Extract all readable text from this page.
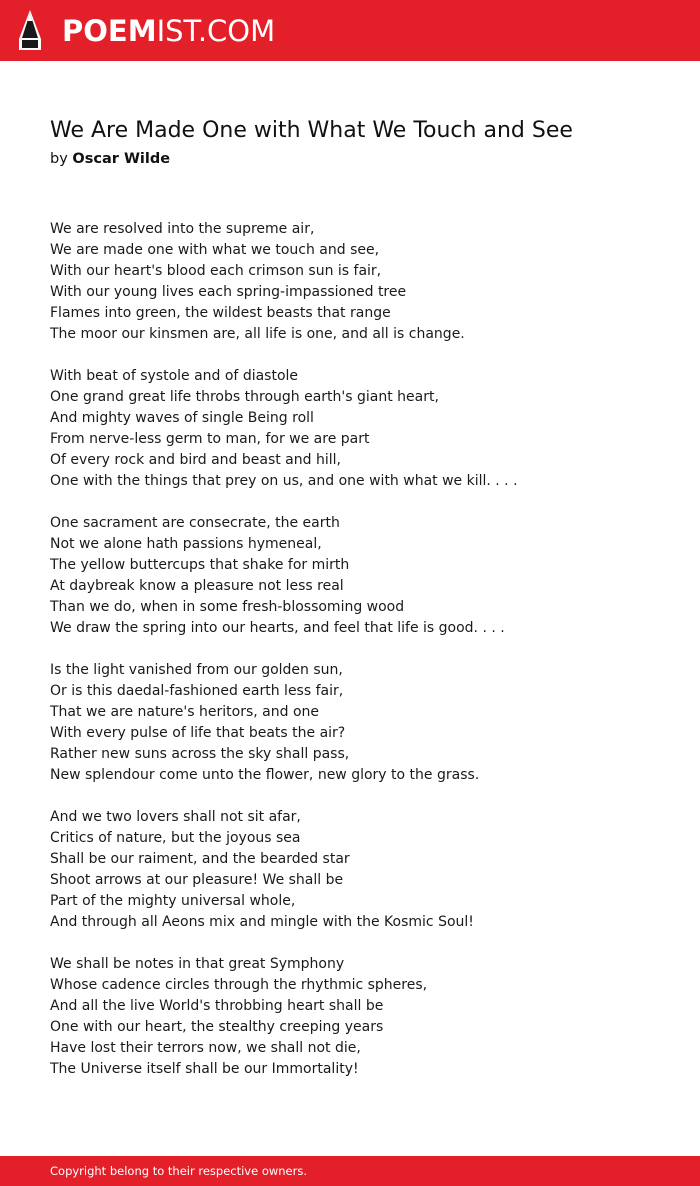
POEMIST.COM
We Are Made One with What We Touch and See
by Oscar Wilde
We are resolved into the supreme air,
We are made one with what we touch and see,
With our heart's blood each crimson sun is fair,
With our young lives each spring-impassioned tree
Flames into green, the wildest beasts that range
The moor our kinsmen are, all life is one, and all is change.
With beat of systole and of diastole
One grand great life throbs through earth's giant heart,
And mighty waves of single Being roll
From nerve-less germ to man, for we are part
Of every rock and bird and beast and hill,
One with the things that prey on us, and one with what we kill. . . .
One sacrament are consecrate, the earth
Not we alone hath passions hymeneal,
The yellow buttercups that shake for mirth
At daybreak know a pleasure not less real
Than we do, when in some fresh-blossoming wood
We draw the spring into our hearts, and feel that life is good. . . .
Is the light vanished from our golden sun,
Or is this daedal-fashioned earth less fair,
That we are nature's heritors, and one
With every pulse of life that beats the air?
Rather new suns across the sky shall pass,
New splendour come unto the flower, new glory to the grass.
And we two lovers shall not sit afar,
Critics of nature, but the joyous sea
Shall be our raiment, and the bearded star
Shoot arrows at our pleasure! We shall be
Part of the mighty universal whole,
And through all Aeons mix and mingle with the Kosmic Soul!
We shall be notes in that great Symphony
Whose cadence circles through the rhythmic spheres,
And all the live World's throbbing heart shall be
One with our heart, the stealthy creeping years
Have lost their terrors now, we shall not die,
The Universe itself shall be our Immortality!
Copyright belong to their respective owners.
